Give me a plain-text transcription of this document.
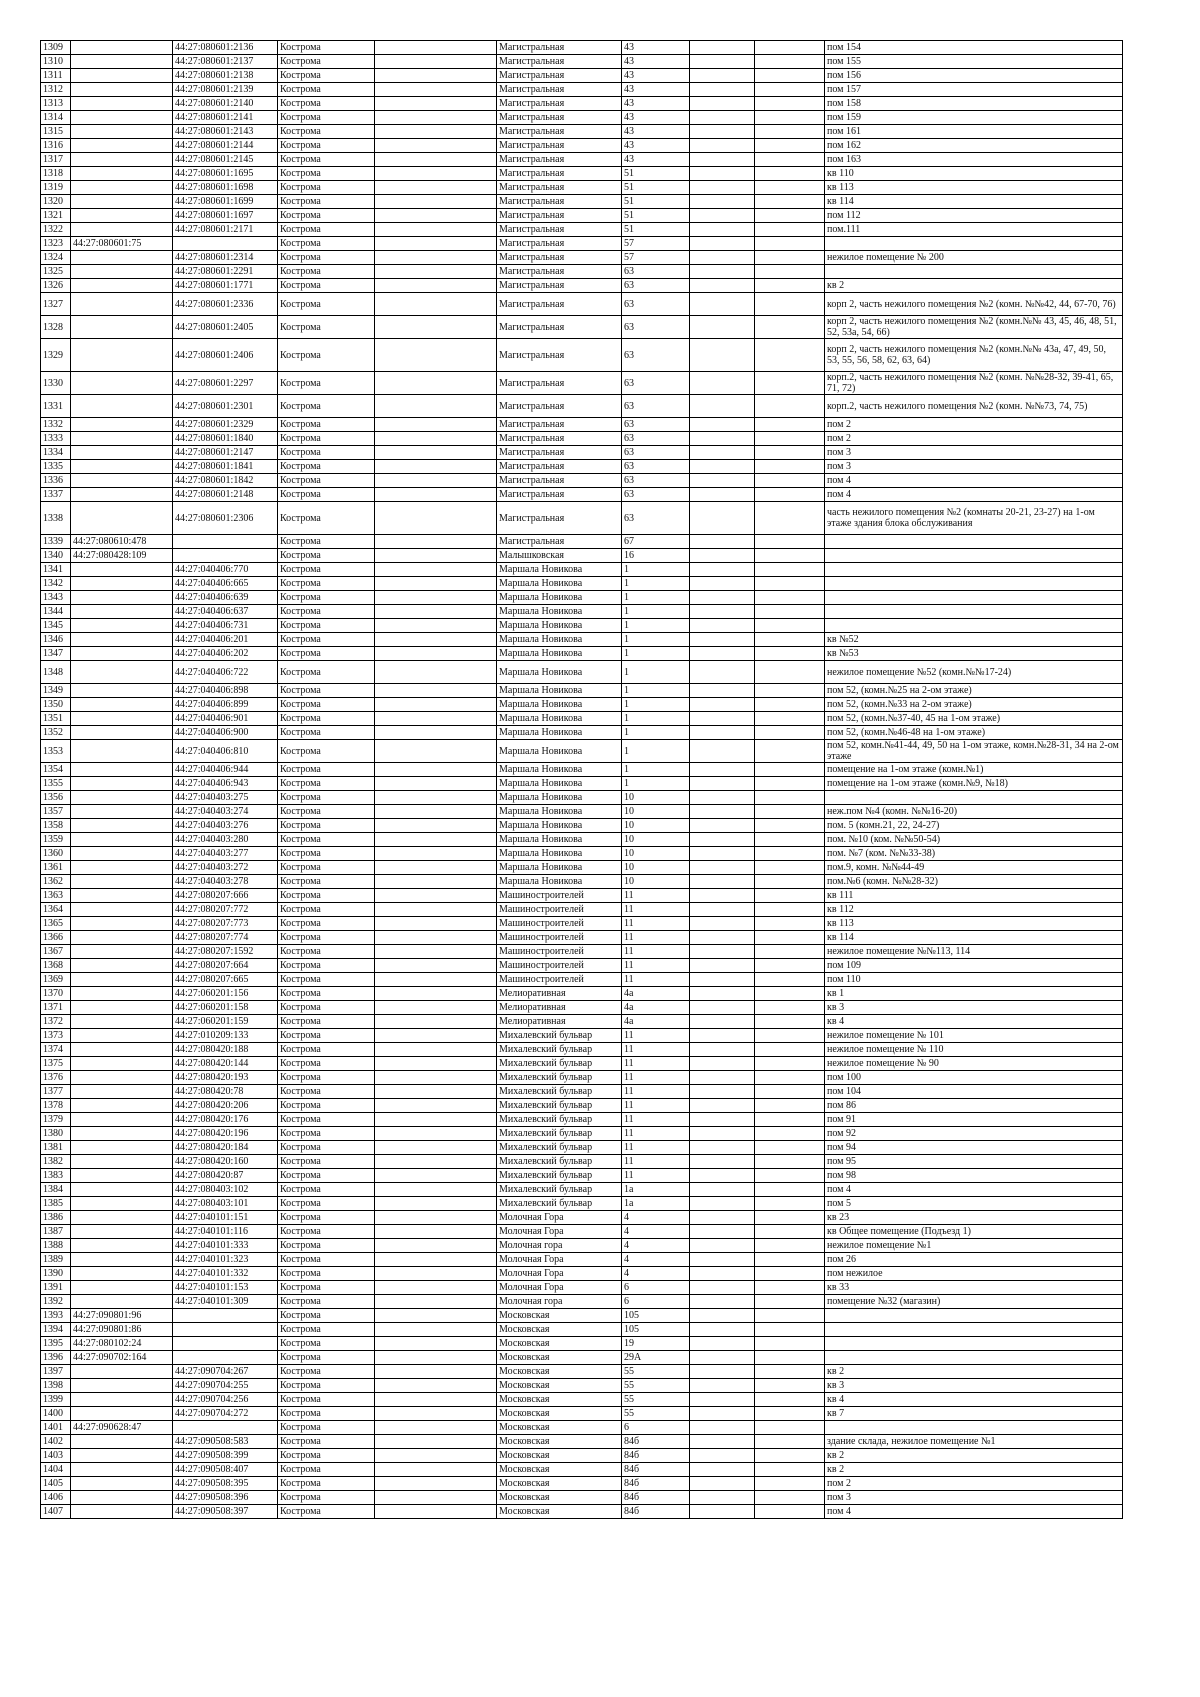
1309		44:27:080601:2136	Кострома		Магистральная	43			пом 154
1310		44:27:080601:2137	Кострома		Магистральная	43			пом 155
1311		44:27:080601:2138	Кострома		Магистральная	43			пом 156
1312		44:27:080601:2139	Кострома		Магистральная	43			пом 157
1313		44:27:080601:2140	Кострома		Магистральная	43			пом 158
1314		44:27:080601:2141	Кострома		Магистральная	43			пом 159
1315		44:27:080601:2143	Кострома		Магистральная	43			пом 161
1316		44:27:080601:2144	Кострома		Магистральная	43			пом 162
1317		44:27:080601:2145	Кострома		Магистральная	43			пом 163
1318		44:27:080601:1695	Кострома		Магистральная	51			кв 110
1319		44:27:080601:1698	Кострома		Магистральная	51			кв 113
1320		44:27:080601:1699	Кострома		Магистральная	51			кв 114
1321		44:27:080601:1697	Кострома		Магистральная	51			пом 112
1322		44:27:080601:2171	Кострома		Магистральная	51			пом.111
1323	44:27:080601:75		Кострома		Магистральная	57			
1324		44:27:080601:2314	Кострома		Магистральная	57			нежилое помещение № 200
1325		44:27:080601:2291	Кострома		Магистральная	63			
1326		44:27:080601:1771	Кострома		Магистральная	63			кв 2
1327		44:27:080601:2336	Кострома		Магистральная	63			корп 2, часть нежилого помещения №2 (комн. №№42, 44, 67-70, 76)
1328		44:27:080601:2405	Кострома		Магистральная	63			корп 2, часть нежилого помещения №2 (комн.№№ 43, 45, 46, 48, 51, 52, 53а, 54, 66)
1329		44:27:080601:2406	Кострома		Магистральная	63			корп 2, часть нежилого помещения №2 (комн.№№ 43а, 47, 49, 50, 53, 55, 56, 58, 62, 63, 64)
1330		44:27:080601:2297	Кострома		Магистральная	63			корп.2, часть нежилого помещения №2 (комн. №№28-32, 39-41, 65, 71, 72)
1331		44:27:080601:2301	Кострома		Магистральная	63			корп.2, часть нежилого помещения №2 (комн. №№73, 74, 75)
1332		44:27:080601:2329	Кострома		Магистральная	63			пом 2
1333		44:27:080601:1840	Кострома		Магистральная	63			пом 2
1334		44:27:080601:2147	Кострома		Магистральная	63			пом 3
1335		44:27:080601:1841	Кострома		Магистральная	63			пом 3
1336		44:27:080601:1842	Кострома		Магистральная	63			пом 4
1337		44:27:080601:2148	Кострома		Магистральная	63			пом 4
1338		44:27:080601:2306	Кострома		Магистральная	63			часть нежилого помещения №2 (комнаты 20-21, 23-27) на 1-ом этаже здания блока обслуживания
1339	44:27:080610:478		Кострома		Магистральная	67			
1340	44:27:080428:109		Кострома		Малышковская	16			
1341		44:27:040406:770	Кострома		Маршала Новикова	1			
1342		44:27:040406:665	Кострома		Маршала Новикова	1			
1343		44:27:040406:639	Кострома		Маршала Новикова	1			
1344		44:27:040406:637	Кострома		Маршала Новикова	1			
1345		44:27:040406:731	Кострома		Маршала Новикова	1			
1346		44:27:040406:201	Кострома		Маршала Новикова	1			кв №52
1347		44:27:040406:202	Кострома		Маршала Новикова	1			кв №53
1348		44:27:040406:722	Кострома		Маршала Новикова	1			нежилое помещение №52 (комн.№№17-24)
1349		44:27:040406:898	Кострома		Маршала Новикова	1			пом 52, (комн.№25 на 2-ом этаже)
1350		44:27:040406:899	Кострома		Маршала Новикова	1			пом 52, (комн.№33 на 2-ом этаже)
1351		44:27:040406:901	Кострома		Маршала Новикова	1			пом 52, (комн.№37-40, 45 на 1-ом этаже)
1352		44:27:040406:900	Кострома		Маршала Новикова	1			пом 52, (комн.№46-48 на 1-ом этаже)
1353		44:27:040406:810	Кострома		Маршала Новикова	1			пом 52, комн.№41-44, 49, 50 на 1-ом этаже, комн.№28-31, 34 на 2-ом этаже
1354		44:27:040406:944	Кострома		Маршала Новикова	1			помещение на 1-ом этаже (комн.№1)
1355		44:27:040406:943	Кострома		Маршала Новикова	1			помещение на 1-ом этаже (комн.№9, №18)
1356		44:27:040403:275	Кострома		Маршала Новикова	10			
1357		44:27:040403:274	Кострома		Маршала Новикова	10			неж.пом №4 (комн. №№16-20)
1358		44:27:040403:276	Кострома		Маршала Новикова	10			пом. 5 (комн.21, 22, 24-27)
1359		44:27:040403:280	Кострома		Маршала Новикова	10			пом. №10 (ком. №№50-54)
1360		44:27:040403:277	Кострома		Маршала Новикова	10			пом. №7 (ком. №№33-38)
1361		44:27:040403:272	Кострома		Маршала Новикова	10			пом.9, комн. №№44-49
1362		44:27:040403:278	Кострома		Маршала Новикова	10			пом.№6 (комн. №№28-32)
1363		44:27:080207:666	Кострома		Машиностроителей	11			кв 111
1364		44:27:080207:772	Кострома		Машиностроителей	11			кв 112
1365		44:27:080207:773	Кострома		Машиностроителей	11			кв 113
1366		44:27:080207:774	Кострома		Машиностроителей	11			кв 114
1367		44:27:080207:1592	Кострома		Машиностроителей	11			нежилое помещение №№113, 114
1368		44:27:080207:664	Кострома		Машиностроителей	11			пом 109
1369		44:27:080207:665	Кострома		Машиностроителей	11			пом 110
1370		44:27:060201:156	Кострома		Мелиоративная	4а			кв 1
1371		44:27:060201:158	Кострома		Мелиоративная	4а			кв 3
1372		44:27:060201:159	Кострома		Мелиоративная	4а			кв 4
1373		44:27:010209:133	Кострома		Михалевский бульвар	11			нежилое помещение № 101
1374		44:27:080420:188	Кострома		Михалевский бульвар	11			нежилое помещение № 110
1375		44:27:080420:144	Кострома		Михалевский бульвар	11			нежилое помещение № 90
1376		44:27:080420:193	Кострома		Михалевский бульвар	11			пом 100
1377		44:27:080420:78	Кострома		Михалевский бульвар	11			пом 104
1378		44:27:080420:206	Кострома		Михалевский бульвар	11			пом 86
1379		44:27:080420:176	Кострома		Михалевский бульвар	11			пом 91
1380		44:27:080420:196	Кострома		Михалевский бульвар	11			пом 92
1381		44:27:080420:184	Кострома		Михалевский бульвар	11			пом 94
1382		44:27:080420:160	Кострома		Михалевский бульвар	11			пом 95
1383		44:27:080420:87	Кострома		Михалевский бульвар	11			пом 98
1384		44:27:080403:102	Кострома		Михалевский бульвар	1а			пом 4
1385		44:27:080403:101	Кострома		Михалевский бульвар	1а			пом 5
1386		44:27:040101:151	Кострома		Молочная Гора	4			кв 23
1387		44:27:040101:116	Кострома		Молочная Гора	4			кв Общее помещение (Подъезд 1)
1388		44:27:040101:333	Кострома		Молочная гора	4			нежилое помещение №1
1389		44:27:040101:323	Кострома		Молочная Гора	4			пом 26
1390		44:27:040101:332	Кострома		Молочная Гора	4			пом нежилое
1391		44:27:040101:153	Кострома		Молочная Гора	6			кв 33
1392		44:27:040101:309	Кострома		Молочная гора	6			помещение №32 (магазин)
1393	44:27:090801:96		Кострома		Московская	105			
1394	44:27:090801:86		Кострома		Московская	105			
1395	44:27:080102:24		Кострома		Московская	19			
1396	44:27:090702:164		Кострома		Московская	29А			
1397		44:27:090704:267	Кострома		Московская	55			кв 2
1398		44:27:090704:255	Кострома		Московская	55			кв 3
1399		44:27:090704:256	Кострома		Московская	55			кв 4
1400		44:27:090704:272	Кострома		Московская	55			кв 7
1401	44:27:090628:47		Кострома		Московская	6			
1402		44:27:090508:583	Кострома		Московская	84б			здание склада, нежилое помещение №1
1403		44:27:090508:399	Кострома		Московская	84б			кв 2
1404		44:27:090508:407	Кострома		Московская	84б			кв 2
1405		44:27:090508:395	Кострома		Московская	84б			пом 2
1406		44:27:090508:396	Кострома		Московская	84б			пом 3
1407		44:27:090508:397	Кострома		Московская	84б			пом 4
